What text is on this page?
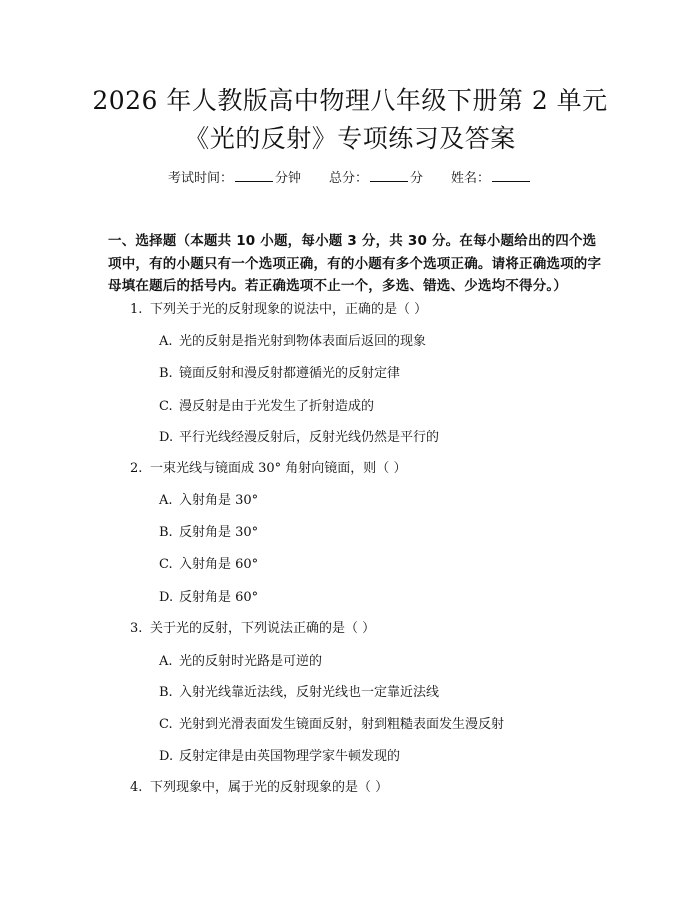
2026 年人教版高中物理八年级下册第 2 单元
《光的反射》专项练习及答案
考试时间：	分钟 总分：	分 姓名：
一、选择题（本题共 10 小题，每小题 3 分，共 30 分。在每小题给出的四个选项中，有的小题只有一个选项正确，有的小题有多个选项正确。请将正确选项的字母填在题后的括号内。若正确选项不止一个，多选、错选、少选均不得分。）
1. 下列关于光的反射现象的说法中，正确的是（ ）
A. 光的反射是指光射到物体表面后返回的现象
B. 镜面反射和漫反射都遵循光的反射定律
C. 漫反射是由于光发生了折射造成的
D. 平行光线经漫反射后，反射光线仍然是平行的
2. 一束光线与镜面成 30° 角射向镜面，则（ ）
A. 入射角是 30°
B. 反射角是 30°
C. 入射角是 60°
D. 反射角是 60°
3. 关于光的反射，下列说法正确的是（ ）
A. 光的反射时光路是可逆的
B. 入射光线靠近法线，反射光线也一定靠近法线
C. 光射到光滑表面发生镜面反射，射到粗糙表面发生漫反射
D. 反射定律是由英国物理学家牛顿发现的
4. 下列现象中，属于光的反射现象的是（ ）
